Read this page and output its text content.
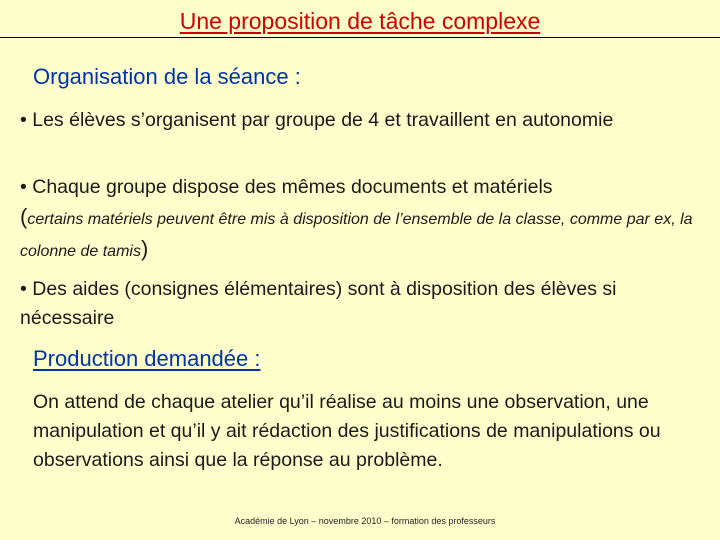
Une proposition de tâche complexe
Organisation de la séance :

• Les élèves s’organisent par groupe de 4 et travaillent en autonomie

• Chaque groupe dispose des mêmes documents et matériels
(certains matériels peuvent être mis à disposition de l’ensemble de la classe, comme par ex, la colonne de tamis)

• Des aides (consignes élémentaires) sont à disposition des élèves si nécessaire

Production demandée :

On attend de chaque atelier qu’il réalise au moins une observation, une manipulation et qu’il y ait rédaction des justifications de manipulations ou observations ainsi que la réponse au problème.

Académie de Lyon – novembre 2010 – formation des professeurs
